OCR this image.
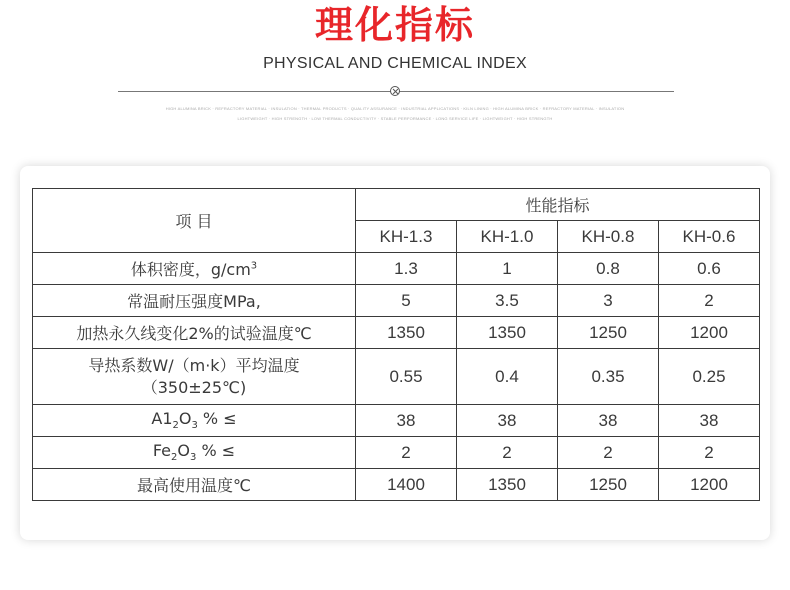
理化指标
PHYSICAL AND CHEMICAL INDEX
HIGH ALUMINA BRICK · REFRACTORY MATERIAL · INSULATION · THERMAL PRODUCTS · QUALITY ASSURANCE · INDUSTRIAL APPLICATIONS · KILN LINING · HIGH ALUMINA BRICK · REFRACTORY MATERIAL · INSULATION
LIGHTWEIGHT · HIGH STRENGTH · LOW THERMAL CONDUCTIVITY · STABLE PERFORMANCE · LONG SERVICE LIFE · LIGHTWEIGHT · HIGH STRENGTH
项 目	性能指标			
	KH-1.3	KH-1.0	KH-0.8	KH-0.6
体积密度，$g/cm^3$	1.3	1	0.8	0.6
常温耐压强度MPa,	5	3.5	3	2
加热永久线变化2%的试验温度℃	1350	1350	1250	1200

导热系数W/（m·k）平均温度
（350±25℃)	0.55	0.4	0.35	0.25
$A1_2O_3$ % ≤	38	38	38	38
$Fe_2O_3$ % ≤	2	2	2	2
最高使用温度℃	1400	1350	1250	1200
